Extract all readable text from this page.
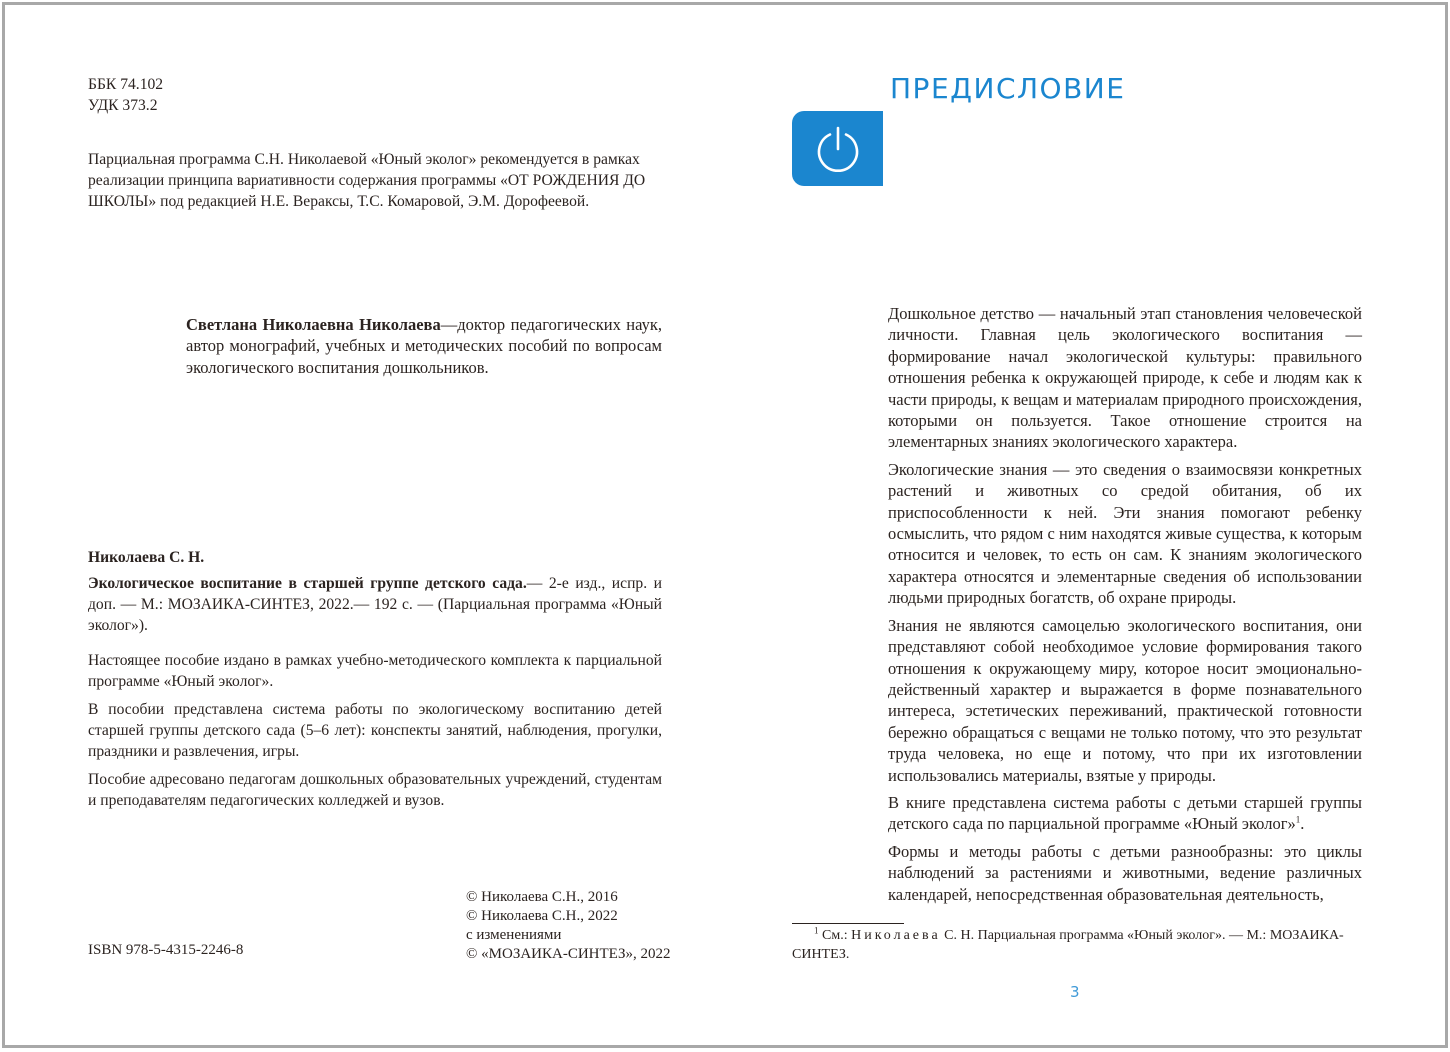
ББК 74.102
УДК 373.2

Парциальная программа С.Н. Николаевой «Юный эколог» рекомендуется в рамках реализации принципа вариативности содержания программы «ОТ РОЖДЕНИЯ ДО ШКОЛЫ» под редакцией Н.Е. Вераксы, Т.С. Комаровой, Э.М. Дорофеевой.

Светлана Николаевна Николаева—доктор педагогических наук, автор монографий, учебных и методических пособий по вопросам экологического воспитания дошкольников.

Николаева С. Н.

Экологическое воспитание в старшей группе детского сада.— 2-е изд., испр. и доп. — М.: МОЗАИКА-СИНТЕЗ, 2022.— 192 с. — (Парциальная программа «Юный эколог»).

Настоящее пособие издано в рамках учебно-методического комплекта к парциальной программе «Юный эколог».

В пособии представлена система работы по экологическому воспитанию детей старшей группы детского сада (5–6 лет): конспекты занятий, наблюдения, прогулки, праздники и развлечения, игры.

Пособие адресовано педагогам дошкольных образовательных учреждений, студентам и преподавателям педагогических колледжей и вузов.

© Николаева С.Н., 2016
© Николаева С.Н., 2022
с изменениями
© «МОЗАИКА-СИНТЕЗ», 2022
ISBN 978-5-4315-2246-8
ПРЕДИСЛОВИЕ

Дошкольное детство — начальный этап становления человеческой личности. Главная цель экологического воспитания — формирование начал экологической культуры: правильного отношения ребенка к окружающей природе, к себе и людям как к части природы, к вещам и материалам природного происхождения, которыми он пользуется. Такое отношение строится на элементарных знаниях экологического характера.

Экологические знания — это сведения о взаимосвязи конкретных растений и животных со средой обитания, об их приспособленности к ней. Эти знания помогают ребенку осмыслить, что рядом с ним находятся живые существа, к которым относится и человек, то есть он сам. К знаниям экологического характера относятся и элементарные сведения об использовании людьми природных богатств, об охране природы.

Знания не являются самоцелью экологического воспитания, они представляют собой необходимое условие формирования такого отношения к окружающему миру, которое носит эмоционально-действенный характер и выражается в форме познавательного интереса, эстетических переживаний, практической готовности бережно обращаться с вещами не только потому, что это результат труда человека, но еще и потому, что при их изготовлении использовались материалы, взятые у природы.

В книге представлена система работы с детьми старшей группы детского сада по парциальной программе «Юный эколог»$^1$.

Формы и методы работы с детьми разнообразны: это циклы наблюдений за растениями и животными, ведение различных календарей, непосредственная образовательная деятельность,

$^1$ См.: Николаева С. Н. Парциальная программа «Юный эколог». — М.: МОЗАИКА-СИНТЕЗ.
3
